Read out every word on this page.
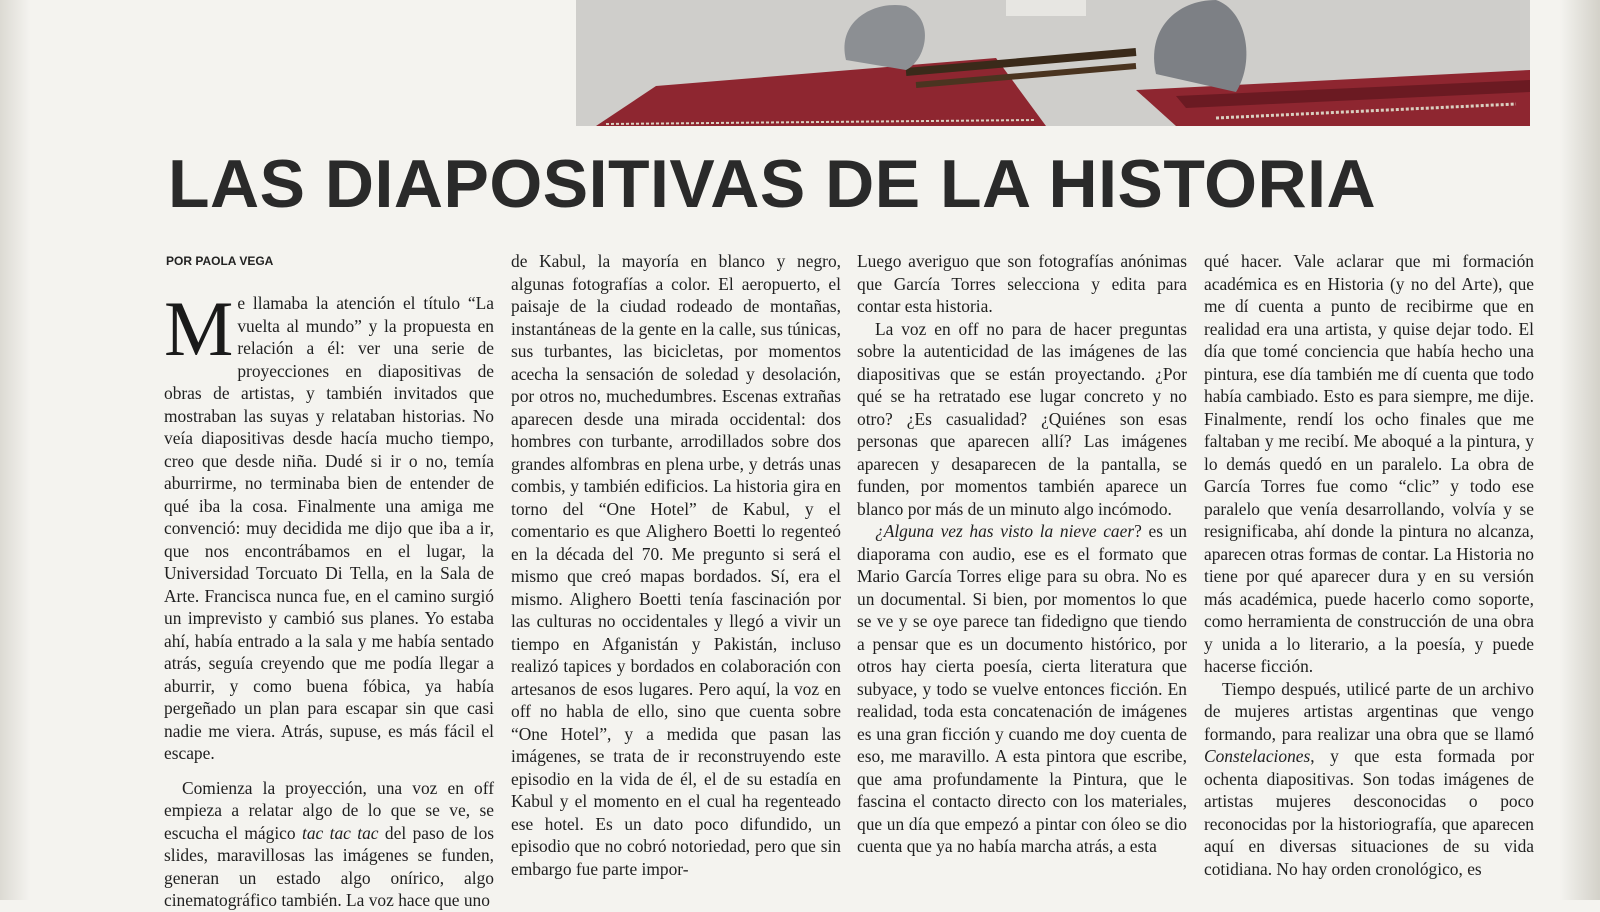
LAS DIAPOSITIVAS DE LA HISTORIA
POR PAOLA VEGA

Me llamaba la atención el título “La vuelta al mundo” y la propuesta en relación a él: ver una serie de proyecciones en diapositivas de obras de artistas, y también invitados que mostraban las suyas y relataban historias. No veía diapositivas desde hacía mucho tiempo, creo que desde niña. Dudé si ir o no, temía aburrirme, no terminaba bien de entender de qué iba la cosa. Finalmente una amiga me convenció: muy decidida me dijo que iba a ir, que nos encontrábamos en el lugar, la Universidad Torcuato Di Tella, en la Sala de Arte. Francisca nunca fue, en el camino surgió un imprevisto y cambió sus planes. Yo estaba ahí, había entrado a la sala y me había sentado atrás, seguía creyendo que me podía llegar a aburrir, y como buena fóbica, ya había pergeñado un plan para escapar sin que casi nadie me viera. Atrás, supuse, es más fácil el escape.

Comienza la proyección, una voz en off empieza a relatar algo de lo que se ve, se escucha el mágico tac tac tac del paso de los slides, maravillosas las imágenes se funden, generan un estado algo onírico, algo cinematográfico también. La voz hace que uno

de Kabul, la mayoría en blanco y negro, algunas fotografías a color. El aeropuerto, el paisaje de la ciudad rodeado de montañas, instantáneas de la gente en la calle, sus túnicas, sus turbantes, las bicicletas, por momentos acecha la sensación de soledad y desolación, por otros no, muchedumbres. Escenas extrañas aparecen desde una mirada occidental: dos hombres con turbante, arrodillados sobre dos grandes alfombras en plena urbe, y detrás unas combis, y también edificios. La historia gira en torno del “One Hotel” de Kabul, y el comentario es que Alighero Boetti lo regenteó en la década del 70. Me pregunto si será el mismo que creó mapas bordados. Sí, era el mismo. Alighero Boetti tenía fascinación por las culturas no occidentales y llegó a vivir un tiempo en Afganistán y Pakistán, incluso realizó tapices y bordados en colaboración con artesanos de esos lugares. Pero aquí, la voz en off no habla de ello, sino que cuenta sobre “One Hotel”, y a medida que pasan las imágenes, se trata de ir reconstruyendo este episodio en la vida de él, el de su estadía en Kabul y el momento en el cual ha regenteado ese hotel. Es un dato poco difundido, un episodio que no cobró notoriedad, pero que sin embargo fue parte impor-

Luego averiguo que son fotografías anónimas que García Torres selecciona y edita para contar esta historia.

La voz en off no para de hacer preguntas sobre la autenticidad de las imágenes de las diapositivas que se están proyectando. ¿Por qué se ha retratado ese lugar concreto y no otro? ¿Es casualidad? ¿Quiénes son esas personas que aparecen allí? Las imágenes aparecen y desaparecen de la pantalla, se funden, por momentos también aparece un blanco por más de un minuto algo incómodo.

¿Alguna vez has visto la nieve caer? es un diaporama con audio, ese es el formato que Mario García Torres elige para su obra. No es un documental. Si bien, por momentos lo que se ve y se oye parece tan fidedigno que tiendo a pensar que es un documento histórico, por otros hay cierta poesía, cierta literatura que subyace, y todo se vuelve entonces ficción. En realidad, toda esta concatenación de imágenes es una gran ficción y cuando me doy cuenta de eso, me maravillo. A esta pintora que escribe, que ama profundamente la Pintura, que le fascina el contacto directo con los materiales, que un día que empezó a pintar con óleo se dio cuenta que ya no había marcha atrás, a esta

qué hacer. Vale aclarar que mi formación académica es en Historia (y no del Arte), que me dí cuenta a punto de recibirme que en realidad era una artista, y quise dejar todo. El día que tomé conciencia que había hecho una pintura, ese día también me dí cuenta que todo había cambiado. Esto es para siempre, me dije. Finalmente, rendí los ocho finales que me faltaban y me recibí. Me aboqué a la pintura, y lo demás quedó en un paralelo. La obra de García Torres fue como “clic” y todo ese paralelo que venía desarrollando, volvía y se resignificaba, ahí donde la pintura no alcanza, aparecen otras formas de contar. La Historia no tiene por qué aparecer dura y en su versión más académica, puede hacerlo como soporte, como herramienta de construcción de una obra y unida a lo literario, a la poesía, y puede hacerse ficción.

Tiempo después, utilicé parte de un archivo de mujeres artistas argentinas que vengo formando, para realizar una obra que se llamó Constelaciones, y que esta formada por ochenta diapositivas. Son todas imágenes de artistas mujeres desconocidas o poco reconocidas por la historiografía, que aparecen aquí en diversas situaciones de su vida cotidiana. No hay orden cronológico, es
